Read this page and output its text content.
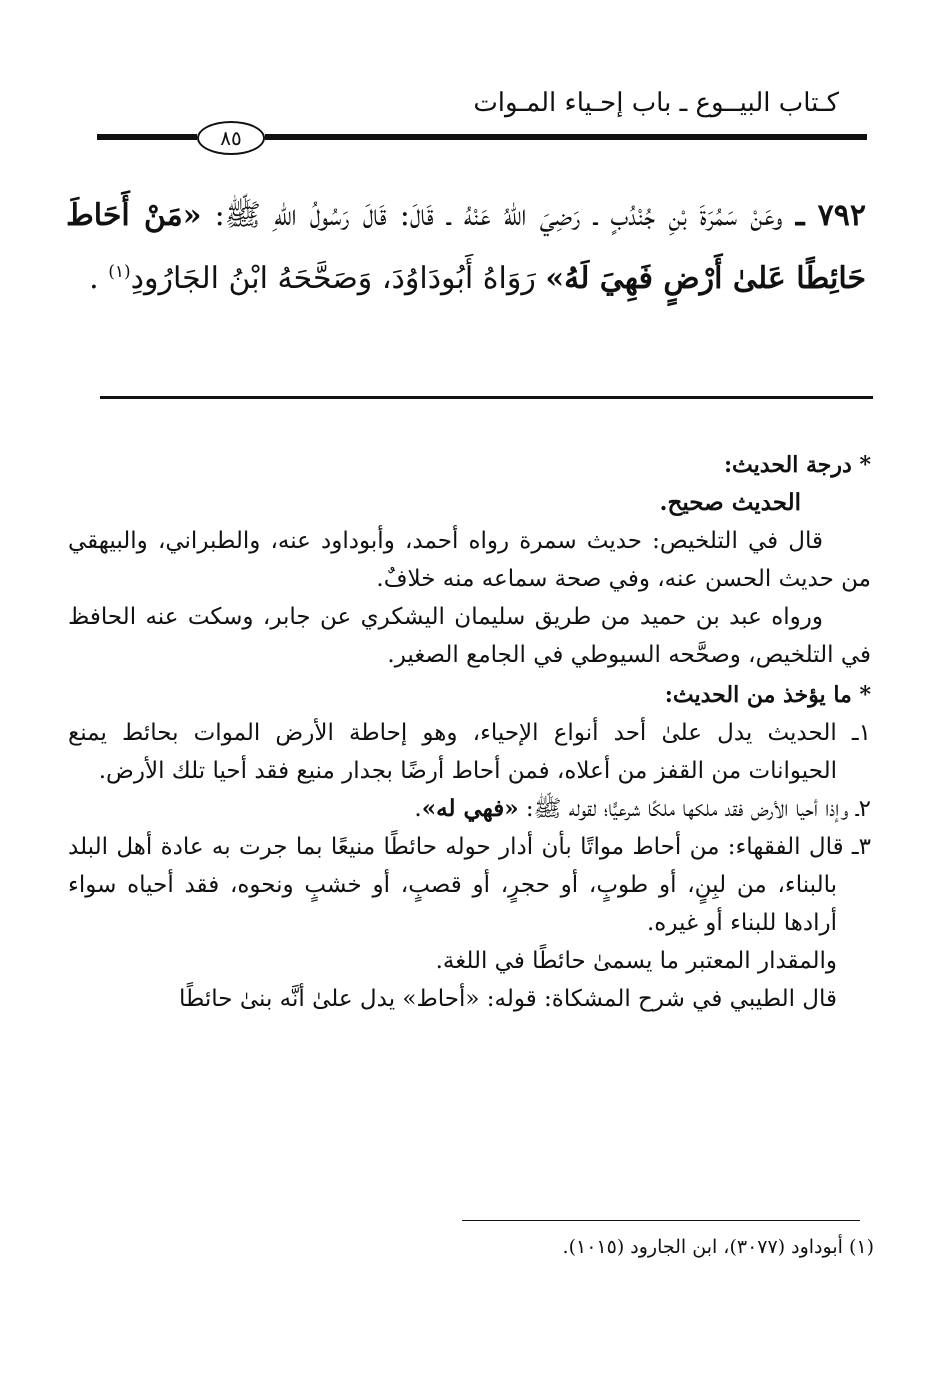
كـتاب البيــوع ـ باب إحـياء المـوات
٨٥
٧٩٢ ـ وعَنْ سَمُرَةَ بْنِ جُنْدُبٍ ـ رَضِيَ اللهُ عَنْهُ ـ قَالَ: قَالَ رَسُولُ اللهِ ﷺ: «مَنْ أَحَاطَ حَائِطًا عَلىٰ أَرْضٍ فَهِيَ لَهُ» رَوَاهُ أَبُودَاوُدَ، وَصَحَّحَهُ ابْنُ الجَارُودِ$^{(١)}$ .

* درجة الحديث:

الحديث صحيح.

قال في التلخيص: حديث سمرة رواه أحمد، وأبوداود عنه، والطبراني، والبيهقي من حديث الحسن عنه، وفي صحة سماعه منه خلافٌ.

ورواه عبد بن حميد من طريق سليمان اليشكري عن جابر، وسكت عنه الحافظ في التلخيص، وصحَّحه السيوطي في الجامع الصغير.

* ما يؤخذ من الحديث:

١ـ الحديث يدل علىٰ أحد أنواع الإحياء، وهو إحاطة الأرض الموات بحائط يمنع الحيوانات من القفز من أعلاه، فمن أحاط أرضًا بجدار منيع فقد أحيا تلك الأرض.

٢ـ وإذا أحيا الأرض فقد ملكها ملكًا شرعيًّا؛ لقوله ﷺ: «فهي له».

٣ـ قال الفقهاء: من أحاط مواتًا بأن أدار حوله حائطًا منيعًا بما جرت به عادة أهل البلد بالبناء، من لبِنٍ، أو طوبٍ، أو حجرٍ، أو قصبٍ، أو خشبٍ ونحوه، فقد أحياه سواء أرادها للبناء أو غيره.

والمقدار المعتبر ما يسمىٰ حائطًا في اللغة.

قال الطيبي في شرح المشكاة: قوله: «أحاط» يدل علىٰ أنَّه بنىٰ حائطًا

(١) أبوداود (٣٠٧٧)، ابن الجارود (١٠١٥).
